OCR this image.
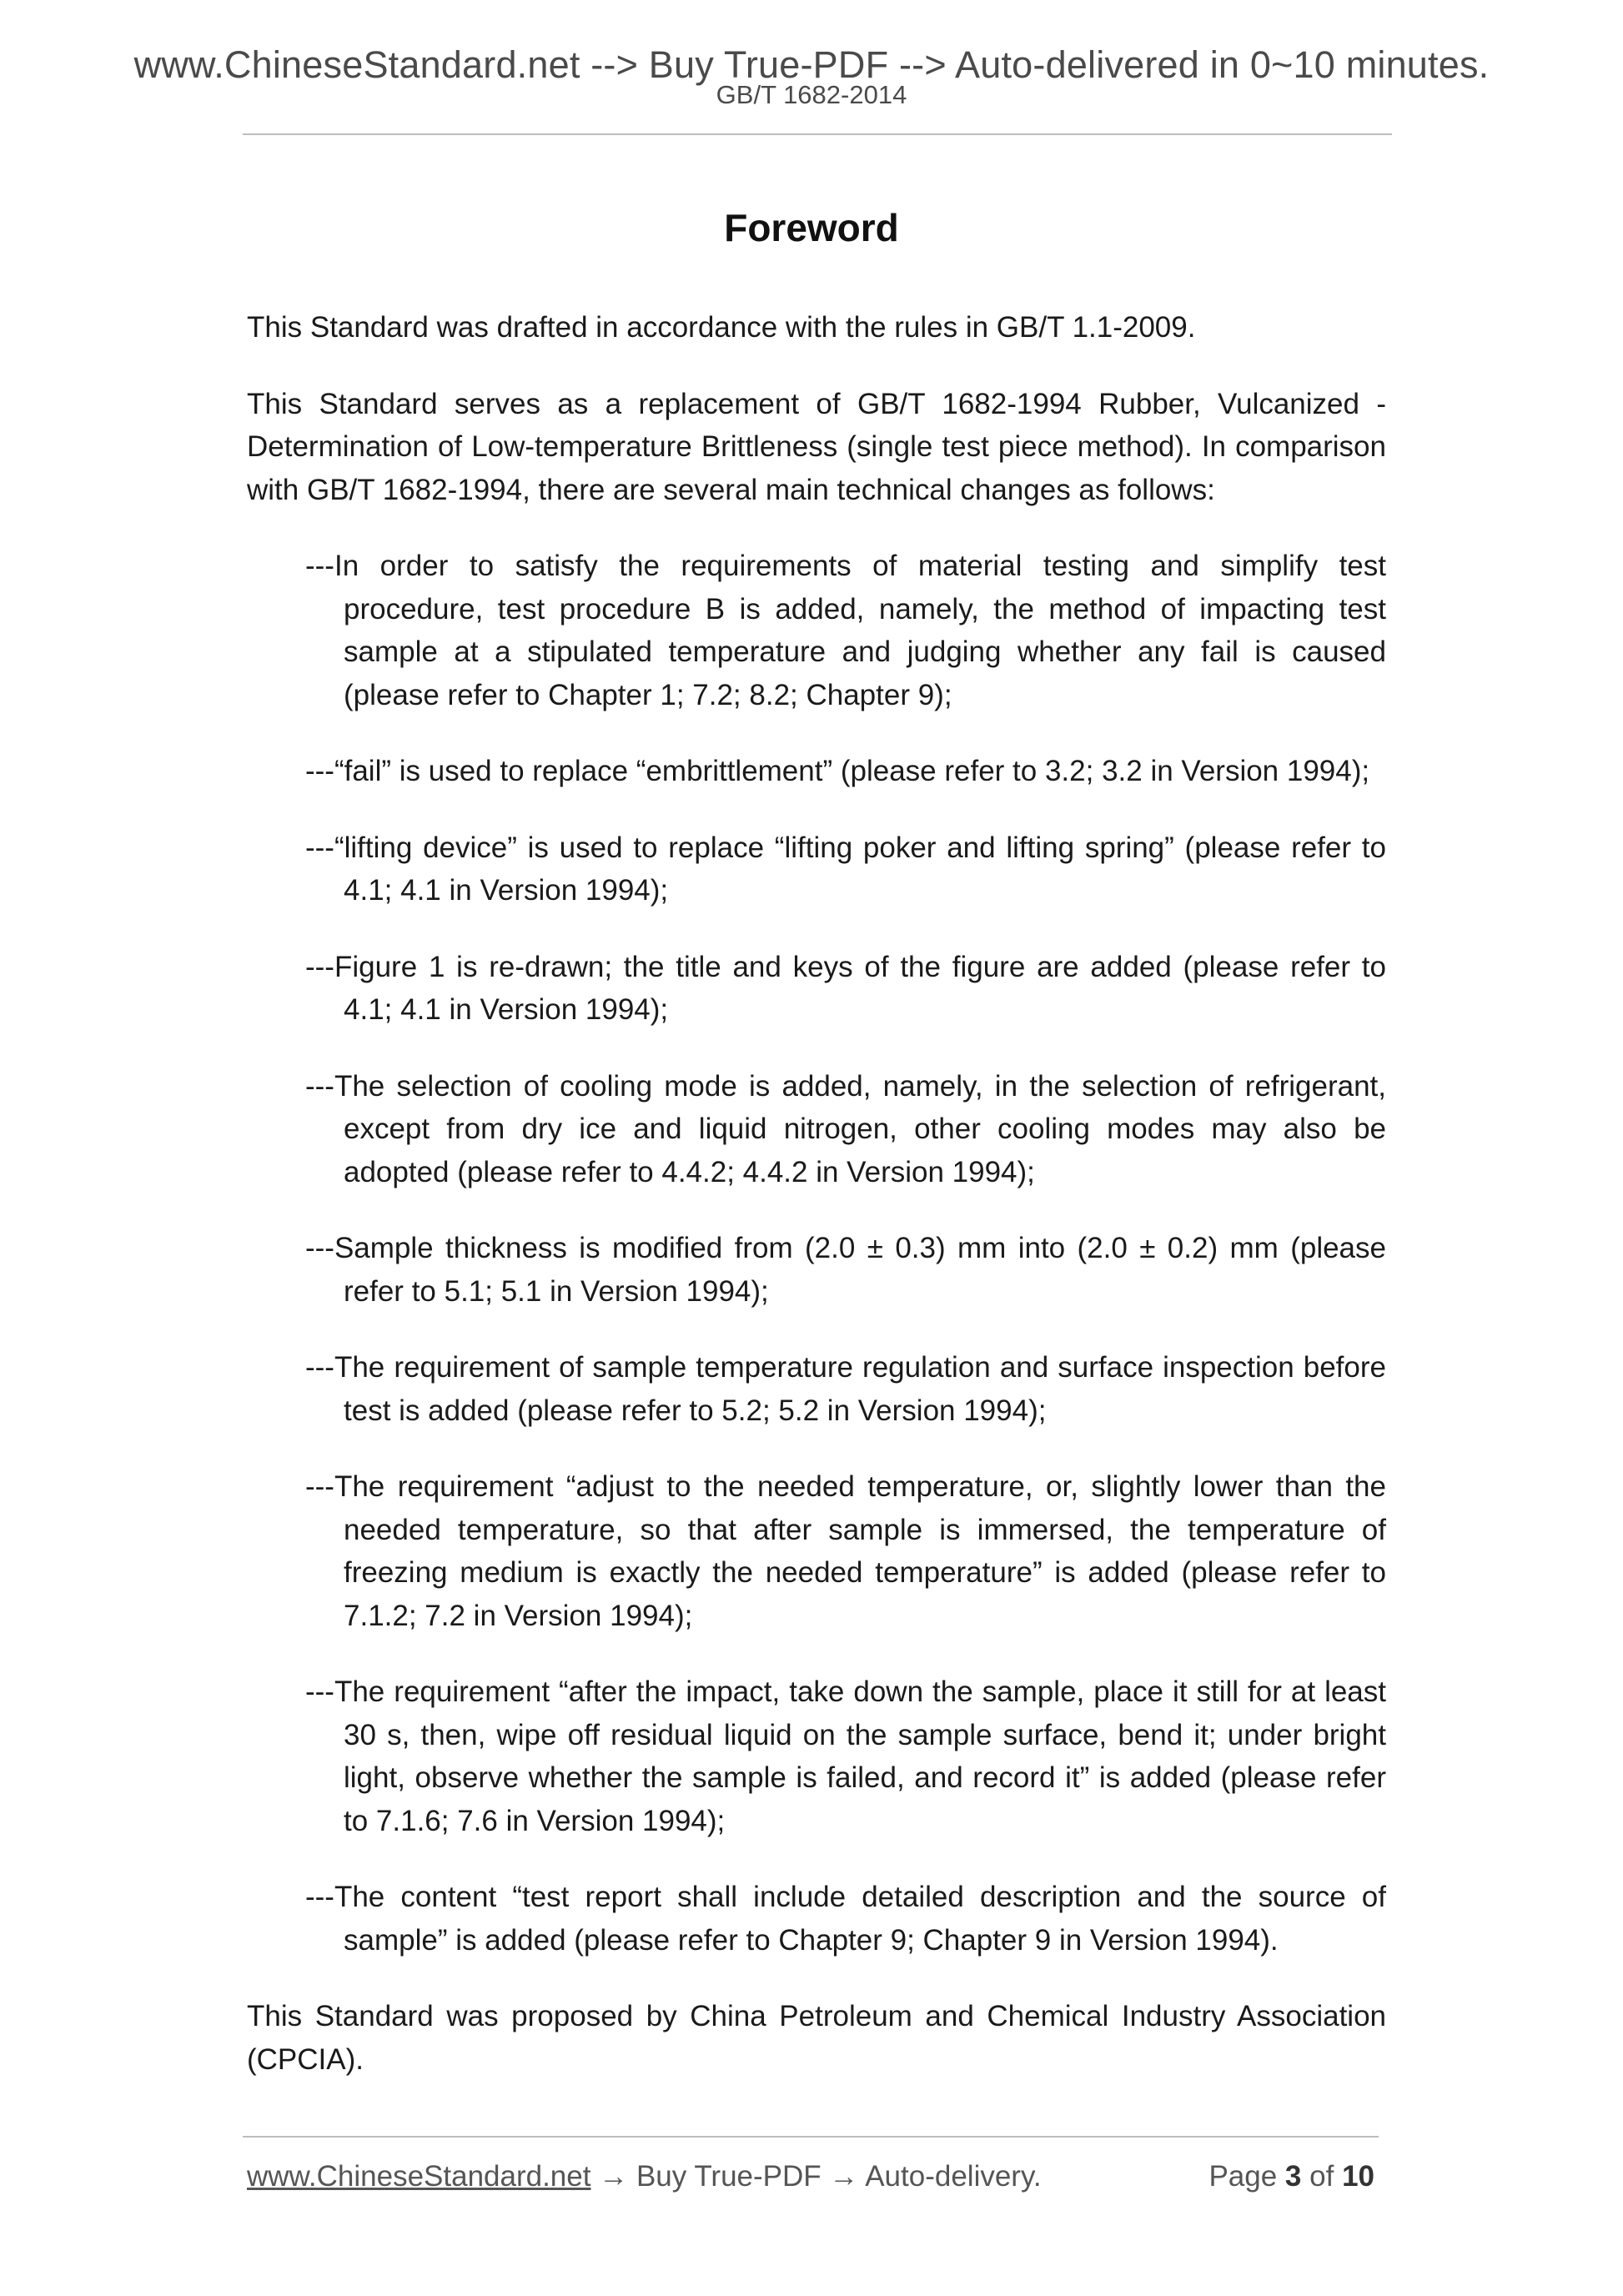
www.ChineseStandard.net --> Buy True-PDF --> Auto-delivered in 0~10 minutes.
GB/T 1682-2014
Foreword

This Standard was drafted in accordance with the rules in GB/T 1.1-2009.

This Standard serves as a replacement of GB/T 1682-1994 Rubber, Vulcanized - Determination of Low-temperature Brittleness (single test piece method). In comparison with GB/T 1682-1994, there are several main technical changes as follows:

---In order to satisfy the requirements of material testing and simplify test procedure, test procedure B is added, namely, the method of impacting test sample at a stipulated temperature and judging whether any fail is caused (please refer to Chapter 1; 7.2; 8.2; Chapter 9);

---“fail” is used to replace “embrittlement” (please refer to 3.2; 3.2 in Version 1994);

---“lifting device” is used to replace “lifting poker and lifting spring” (please refer to 4.1; 4.1 in Version 1994);

---Figure 1 is re-drawn; the title and keys of the figure are added (please refer to 4.1; 4.1 in Version 1994);

---The selection of cooling mode is added, namely, in the selection of refrigerant, except from dry ice and liquid nitrogen, other cooling modes may also be adopted (please refer to 4.4.2; 4.4.2 in Version 1994);

---Sample thickness is modified from (2.0 ± 0.3) mm into (2.0 ± 0.2) mm (please refer to 5.1; 5.1 in Version 1994);

---The requirement of sample temperature regulation and surface inspection before test is added (please refer to 5.2; 5.2 in Version 1994);

---The requirement “adjust to the needed temperature, or, slightly lower than the needed temperature, so that after sample is immersed, the temperature of freezing medium is exactly the needed temperature” is added (please refer to 7.1.2; 7.2 in Version 1994);

---The requirement “after the impact, take down the sample, place it still for at least 30 s, then, wipe off residual liquid on the sample surface, bend it; under bright light, observe whether the sample is failed, and record it” is added (please refer to 7.1.6; 7.6 in Version 1994);

---The content “test report shall include detailed description and the source of sample” is added (please refer to Chapter 9; Chapter 9 in Version 1994).

This Standard was proposed by China Petroleum and Chemical Industry Association (CPCIA).

www.ChineseStandard.net → Buy True-PDF → Auto-delivery.	Page 3 of 10
